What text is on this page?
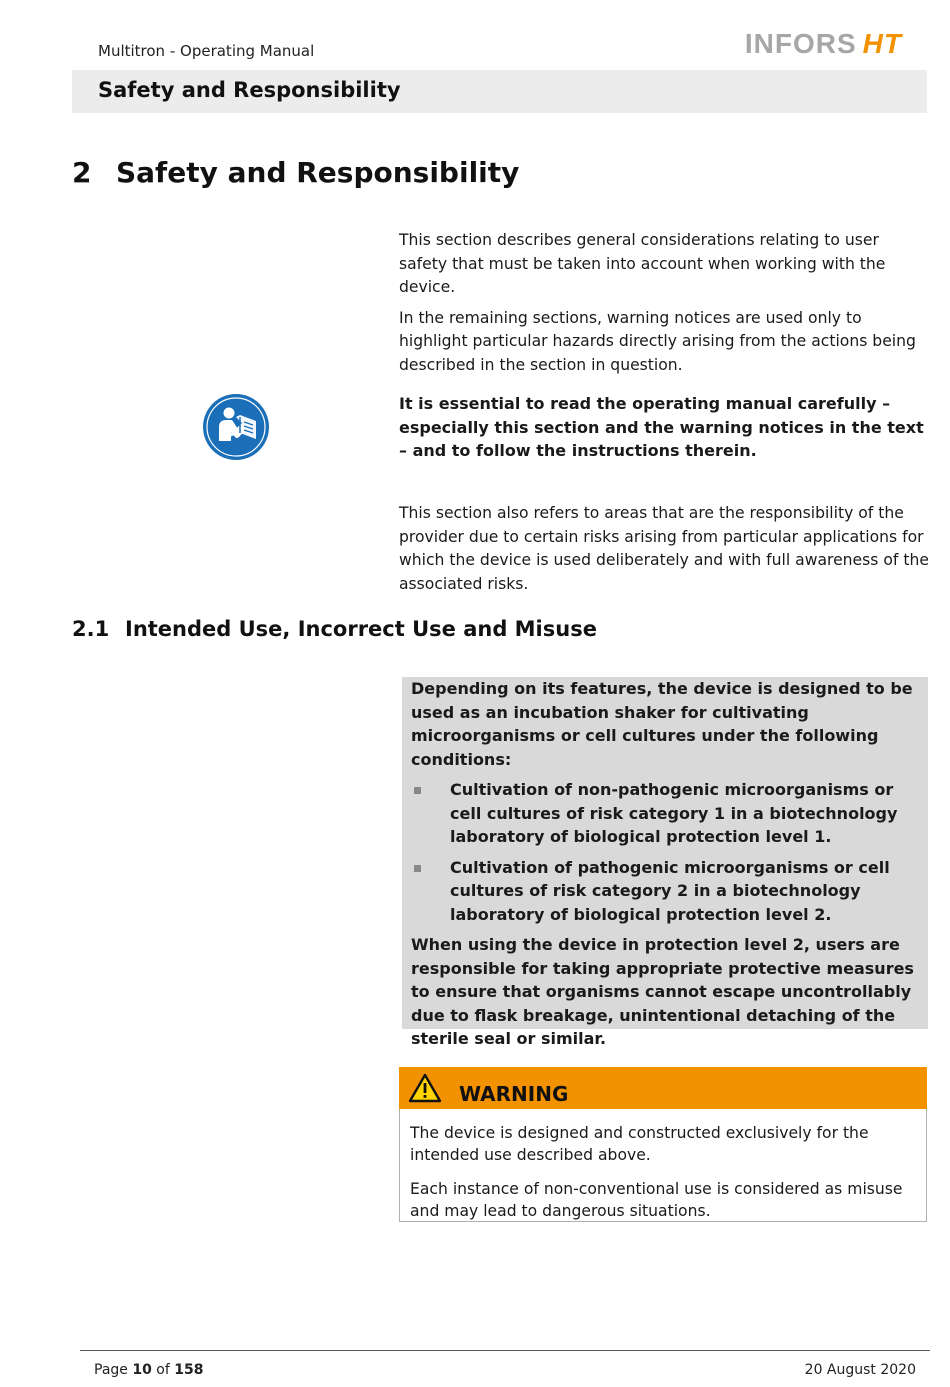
Multitron - Operating Manual	INFORS HT
Safety and Responsibility
2 Safety and Responsibility

This section describes general considerations relating to user safety that must be taken into account when working with the device.

In the remaining sections, warning notices are used only to highlight particular hazards directly arising from the actions being described in the section in question.

It is essential to read the operating manual carefully – especially this section and the warning notices in the text – and to follow the instructions therein.
This section also refers to areas that are the responsibility of the provider due to certain risks arising from particular applications for which the device is used deliberately and with full awareness of the associated risks.
2.1 Intended Use, Incorrect Use and Misuse

Depending on its features, the device is designed to be used as an incubation shaker for cultivating microorganisms or cell cultures under the following conditions:

Cultivation of non-pathogenic microorganisms or cell cultures of risk category 1 in a biotechnology laboratory of biological protection level 1.
Cultivation of pathogenic microorganisms or cell cultures of risk category 2 in a biotechnology laboratory of biological protection level 2.

When using the device in protection level 2, users are responsible for taking appropriate protective measures to ensure that organisms cannot escape uncontrollably due to flask breakage, unintentional detaching of the sterile seal or similar.

WARNING

The device is designed and constructed exclusively for the intended use described above.

Each instance of non-conventional use is considered as misuse and may lead to dangerous situations.

Page 10 of 158	20 August 2020
